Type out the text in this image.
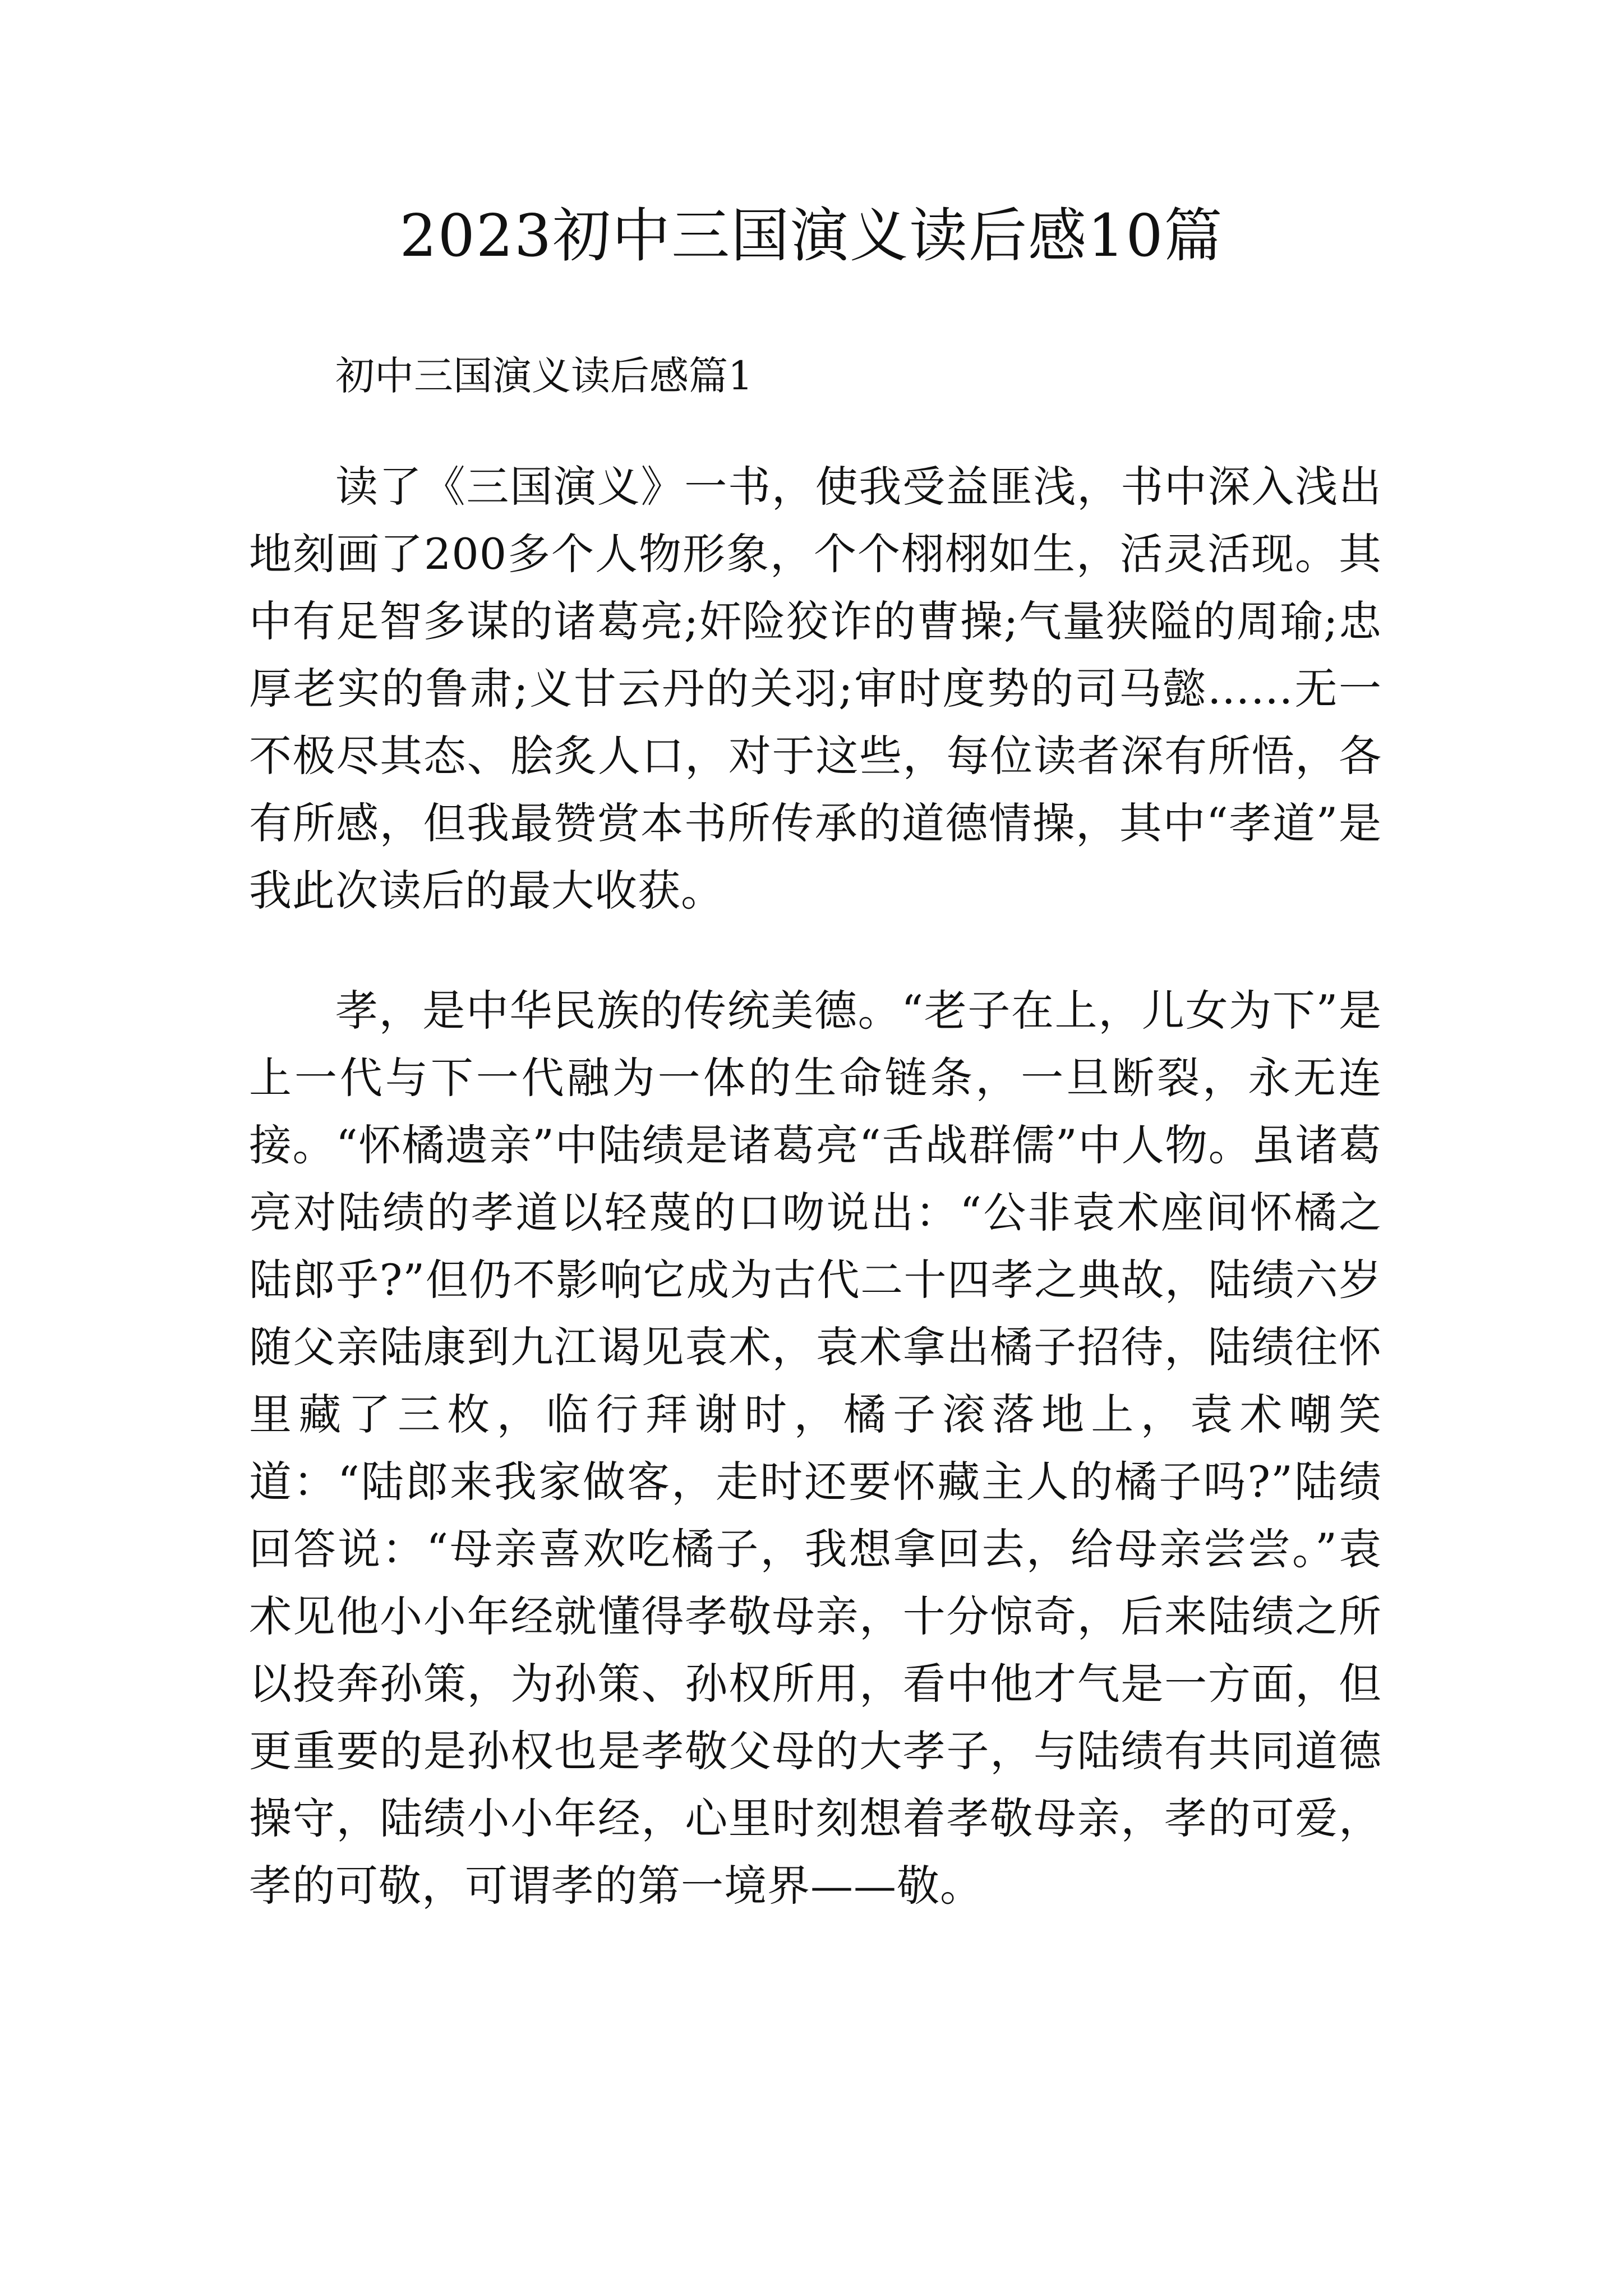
2023初中三国演义读后感10篇
初中三国演义读后感篇1

读了《三国演义》一书，使我受益匪浅，书中深入浅出地刻画了200多个人物形象，个个栩栩如生，活灵活现。其中有足智多谋的诸葛亮;奸险狡诈的曹操;气量狭隘的周瑜;忠厚老实的鲁肃;义甘云丹的关羽;审时度势的司马懿……无一不极尽其态、脍炙人口，对于这些，每位读者深有所悟，各有所感，但我最赞赏本书所传承的道德情操，其中“孝道”是我此次读后的最大收获。

孝，是中华民族的传统美德。“老子在上，儿女为下”是上一代与下一代融为一体的生命链条，一旦断裂，永无连接。“怀橘遗亲”中陆绩是诸葛亮“舌战群儒”中人物。虽诸葛亮对陆绩的孝道以轻蔑的口吻说出：“公非袁术座间怀橘之陆郎乎?”但仍不影响它成为古代二十四孝之典故，陆绩六岁随父亲陆康到九江谒见袁术，袁术拿出橘子招待，陆绩往怀里藏了三枚，临行拜谢时，橘子滚落地上，袁术嘲笑道：“陆郎来我家做客，走时还要怀藏主人的橘子吗?”陆绩回答说：“母亲喜欢吃橘子，我想拿回去，给母亲尝尝。”袁术见他小小年经就懂得孝敬母亲，十分惊奇，后来陆绩之所以投奔孙策，为孙策、孙权所用，看中他才气是一方面，但更重要的是孙权也是孝敬父母的大孝子，与陆绩有共同道德操守，陆绩小小年经，心里时刻想着孝敬母亲，孝的可爱，孝的可敬，可谓孝的第一境界——敬。
